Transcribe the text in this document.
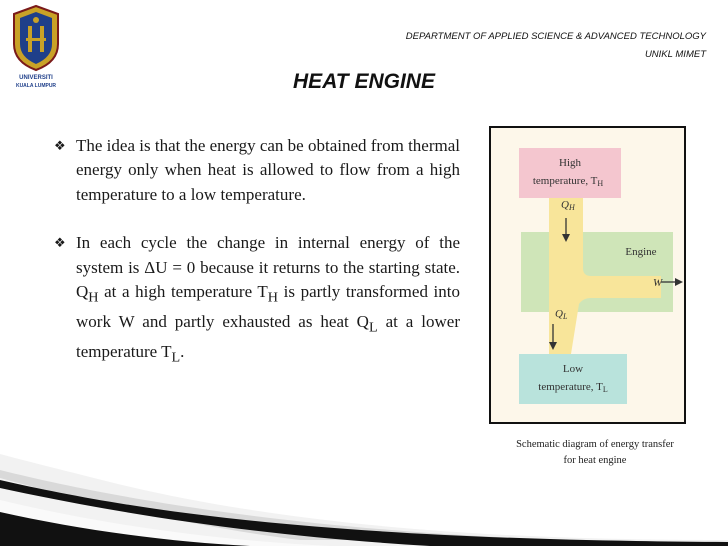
UNIVERSITI
KUALA LUMPUR
DEPARTMENT OF APPLIED SCIENCE & ADVANCED TECHNOLOGY
UNIKL MIMET
HEAT ENGINE
❖ The idea is that the energy can be obtained from thermal energy only when heat is allowed to flow from a high temperature to a low temperature.
❖ In each cycle the change in internal energy of the system is ΔU = 0 because it returns to the starting state. $Q_H$ at a high temperature $T_H$ is partly transformed into work W and partly exhausted as heat $Q_L$ at a lower temperature $T_L$.
High
temperature, TH
QH
Engine
W
QL
Low
temperature, TL
Schematic diagram of energy transfer
for heat engine
